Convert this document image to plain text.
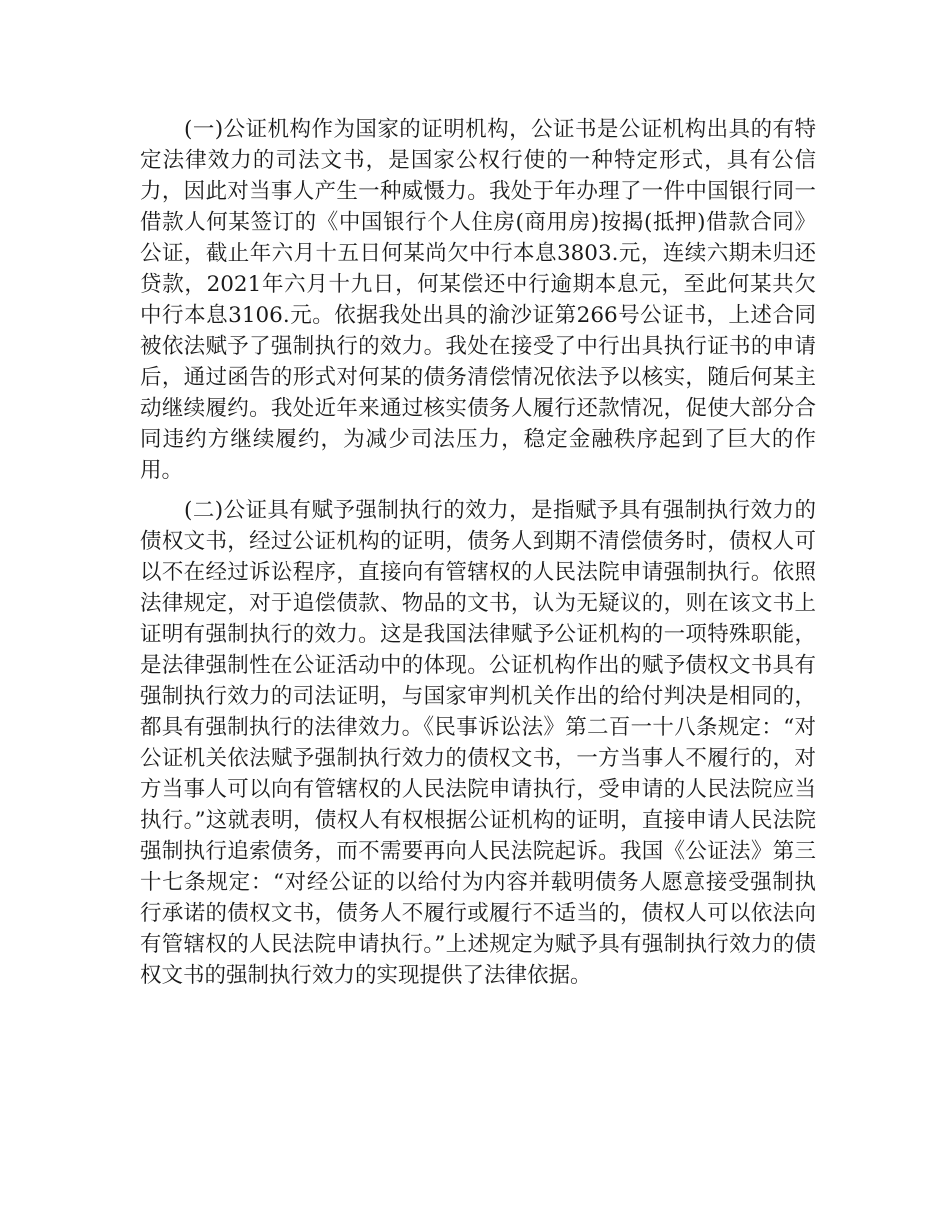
(一)公证机构作为国家的证明机构，公证书是公证机构出具的有特定法律效力的司法文书，是国家公权行使的一种特定形式，具有公信力，因此对当事人产生一种威慑力。我处于年办理了一件中国银行同一借款人何某签订的《中国银行个人住房(商用房)按揭(抵押)借款合同》公证，截止年六月十五日何某尚欠中行本息3803.元，连续六期未归还贷款，2021年六月十九日，何某偿还中行逾期本息元，至此何某共欠中行本息3106.元。依据我处出具的渝沙证第266号公证书，上述合同被依法赋予了强制执行的效力。我处在接受了中行出具执行证书的申请后，通过函告的形式对何某的债务清偿情况依法予以核实，随后何某主动继续履约。我处近年来通过核实债务人履行还款情况，促使大部分合同违约方继续履约，为减少司法压力，稳定金融秩序起到了巨大的作用。

(二)公证具有赋予强制执行的效力，是指赋予具有强制执行效力的债权文书，经过公证机构的证明，债务人到期不清偿债务时，债权人可以不在经过诉讼程序，直接向有管辖权的人民法院申请强制执行。依照法律规定，对于追偿债款、物品的文书，认为无疑议的，则在该文书上证明有强制执行的效力。这是我国法律赋予公证机构的一项特殊职能，是法律强制性在公证活动中的体现。公证机构作出的赋予债权文书具有强制执行效力的司法证明，与国家审判机关作出的给付判决是相同的，都具有强制执行的法律效力。《民事诉讼法》第二百一十八条规定：“对公证机关依法赋予强制执行效力的债权文书，一方当事人不履行的，对方当事人可以向有管辖权的人民法院申请执行，受申请的人民法院应当执行。”这就表明，债权人有权根据公证机构的证明，直接申请人民法院强制执行追索债务，而不需要再向人民法院起诉。我国《公证法》第三十七条规定：“对经公证的以给付为内容并载明债务人愿意接受强制执行承诺的债权文书，债务人不履行或履行不适当的，债权人可以依法向有管辖权的人民法院申请执行。”上述规定为赋予具有强制执行效力的债权文书的强制执行效力的实现提供了法律依据。
